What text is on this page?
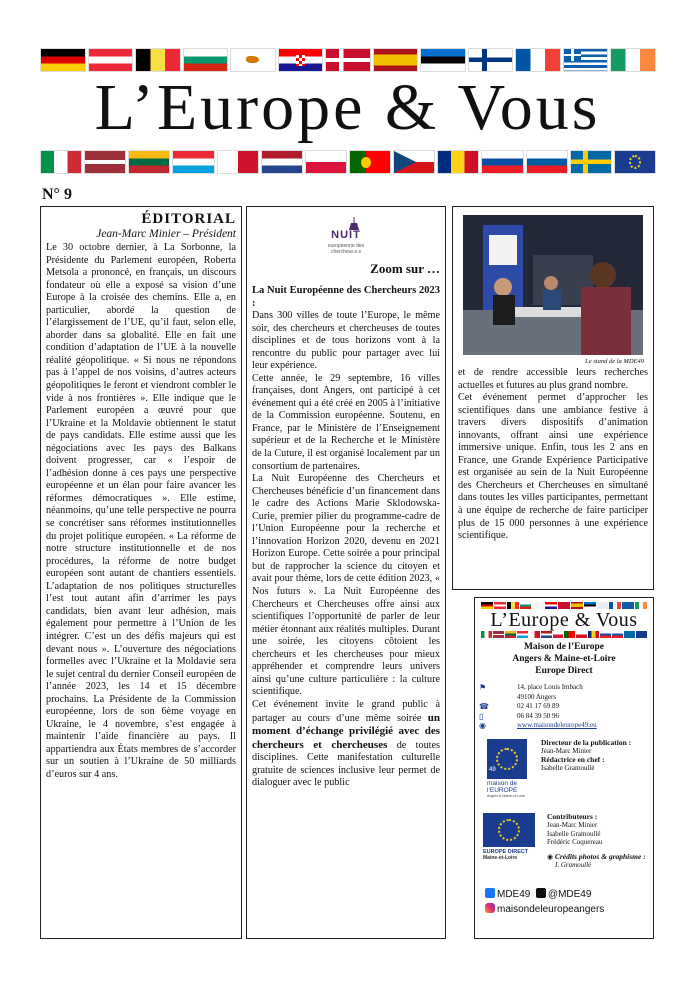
L’Europe & Vous
N° 9
ÉDITORIAL
Jean-Marc Minier – Président
Le 30 octobre dernier, à La Sorbonne, la Présidente du Parlement européen, Roberta Metsola a prononcé, en français, un discours fondateur où elle a exposé sa vision d’une Europe à la croisée des chemins. Elle a, en particulier, abordé la question de l’élargissement de l’UE, qu’il faut, selon elle, aborder dans sa globalité. Elle en fait une condition d’adaptation de l’UE à la nouvelle réalité géopolitique. « Si nous ne répondons pas à l’appel de nos voisins, d’autres acteurs géopolitiques le feront et viendront combler le vide à nos frontières ». Elle indique que le Parlement européen a œuvré pour que l’Ukraine et la Moldavie obtiennent le statut de pays candidats. Elle estime aussi que les négociations avec les pays des Balkans doivent progresser, car « l’espoir de l’adhésion donne à ces pays une perspective européenne et un élan pour faire avancer les réformes démocratiques ». Elle estime, néanmoins, qu’une telle perspective ne pourra se concrétiser sans réformes institutionnelles du projet politique européen. « La réforme de notre structure institutionnelle et de nos procédures, la réforme de notre budget européen sont autant de chantiers essentiels. L’adaptation de nos politiques structurelles l’est tout autant afin d’arrimer les pays candidats, bien avant leur adhésion, mais également pour permettre à l’Union de les intégrer. C’est un des défis majeurs qui est devant nous ». L’ouverture des négociations formelles avec l’Ukraine et la Moldavie sera le sujet central du dernier Conseil européen de l’année 2023, les 14 et 15 décembre prochains. La Présidente de la Commission européenne, lors de son 6ème voyage en Ukraine, le 4 novembre, s’est engagée à maintenir l’aide financière au pays. Il appartiendra aux États membres de s’accorder sur un soutien à l’Ukraine de 50 milliards d’euros sur 4 ans.
NUIT
européenne des chercheur.e.s
Zoom sur …
La Nuit Européenne des Chercheurs 2023 :

Dans 300 villes de toute l’Europe, le même soir, des chercheurs et chercheuses de toutes disciplines et de tous horizons vont à la rencontre du public pour partager avec lui leur expérience.

Cette année, le 29 septembre, 16 villes françaises, dont Angers, ont participé à cet événement qui a été créé en 2005 à l’initiative de la Commission européenne. Soutenu, en France, par le Ministère de l’Enseignement supérieur et de la Recherche et le Ministère de la Cuture, il est organisé localement par un consortium de partenaires.

La Nuit Européenne des Chercheurs et Chercheuses bénéficie d’un financement dans le cadre des Actions Marie Sklodowska-Curie, premier pilier du programme-cadre de l’Union Européenne pour la recherche et l’innovation Horizon 2020, devenu en 2021 Horizon Europe. Cette soirée a pour principal but de rapprocher la science du citoyen et avait pour thème, lors de cette édition 2023, « Nos futurs ». La Nuit Européenne des Chercheurs et Chercheuses offre ainsi aux scientifiques l’opportunité de parler de leur métier étonnant aux réalités multiples. Durant une soirée, les citoyens côtoient les chercheurs et les chercheuses pour mieux appréhender et comprendre leurs univers ainsi qu’une culture particulière : la culture scientifique.

Cet événement invite le grand public à partager au cours d’une même soirée un moment d’échange privilégié avec des chercheurs et chercheuses de toutes disciplines. Cette manifestation culturelle gratuite de sciences inclusive leur permet de dialoguer avec le public

Le stand de la MDE49

et de rendre accessible leurs recherches actuelles et futures au plus grand nombre.

Cet événement permet d’approcher les scientifiques dans une ambiance festive à travers divers dispositifs d’animation innovants, offrant ainsi une expérience immersive unique. Enfin, tous les 2 ans en France, une Grande Expérience Participative est organisée au sein de la Nuit Européenne des Chercheurs et Chercheuses en simultané dans toutes les villes participantes, permettant à une équipe de recherche de faire participer plus de 15 000 personnes à une expérience scientifique.

L’Europe & Vous
Maison de l’Europe
Angers & Maine-et-Loire
Europe Direct
⚑	14, place Louis Imbach
49100 Angers
☎	02 41 17 69 89
▯	06 84 39 50 96
◉	www.maisondeleurope49.eu
49
maison de l’EUROPE
Angers & Maine-et-Loire
Directeur de la publication :
Jean-Marc Minier
Rédactrice en chef :
Isabelle Gramoullé
EUROPE DIRECT
Maine-et-Loire
Contributeurs :
Jean-Marc Minier
Isabelle Gramoullé
Frédéric Coquereau
◉ Crédits photos & graphisme :
I. Gramoullé
MDE49 @MDE49
maisondeleuropeangers
